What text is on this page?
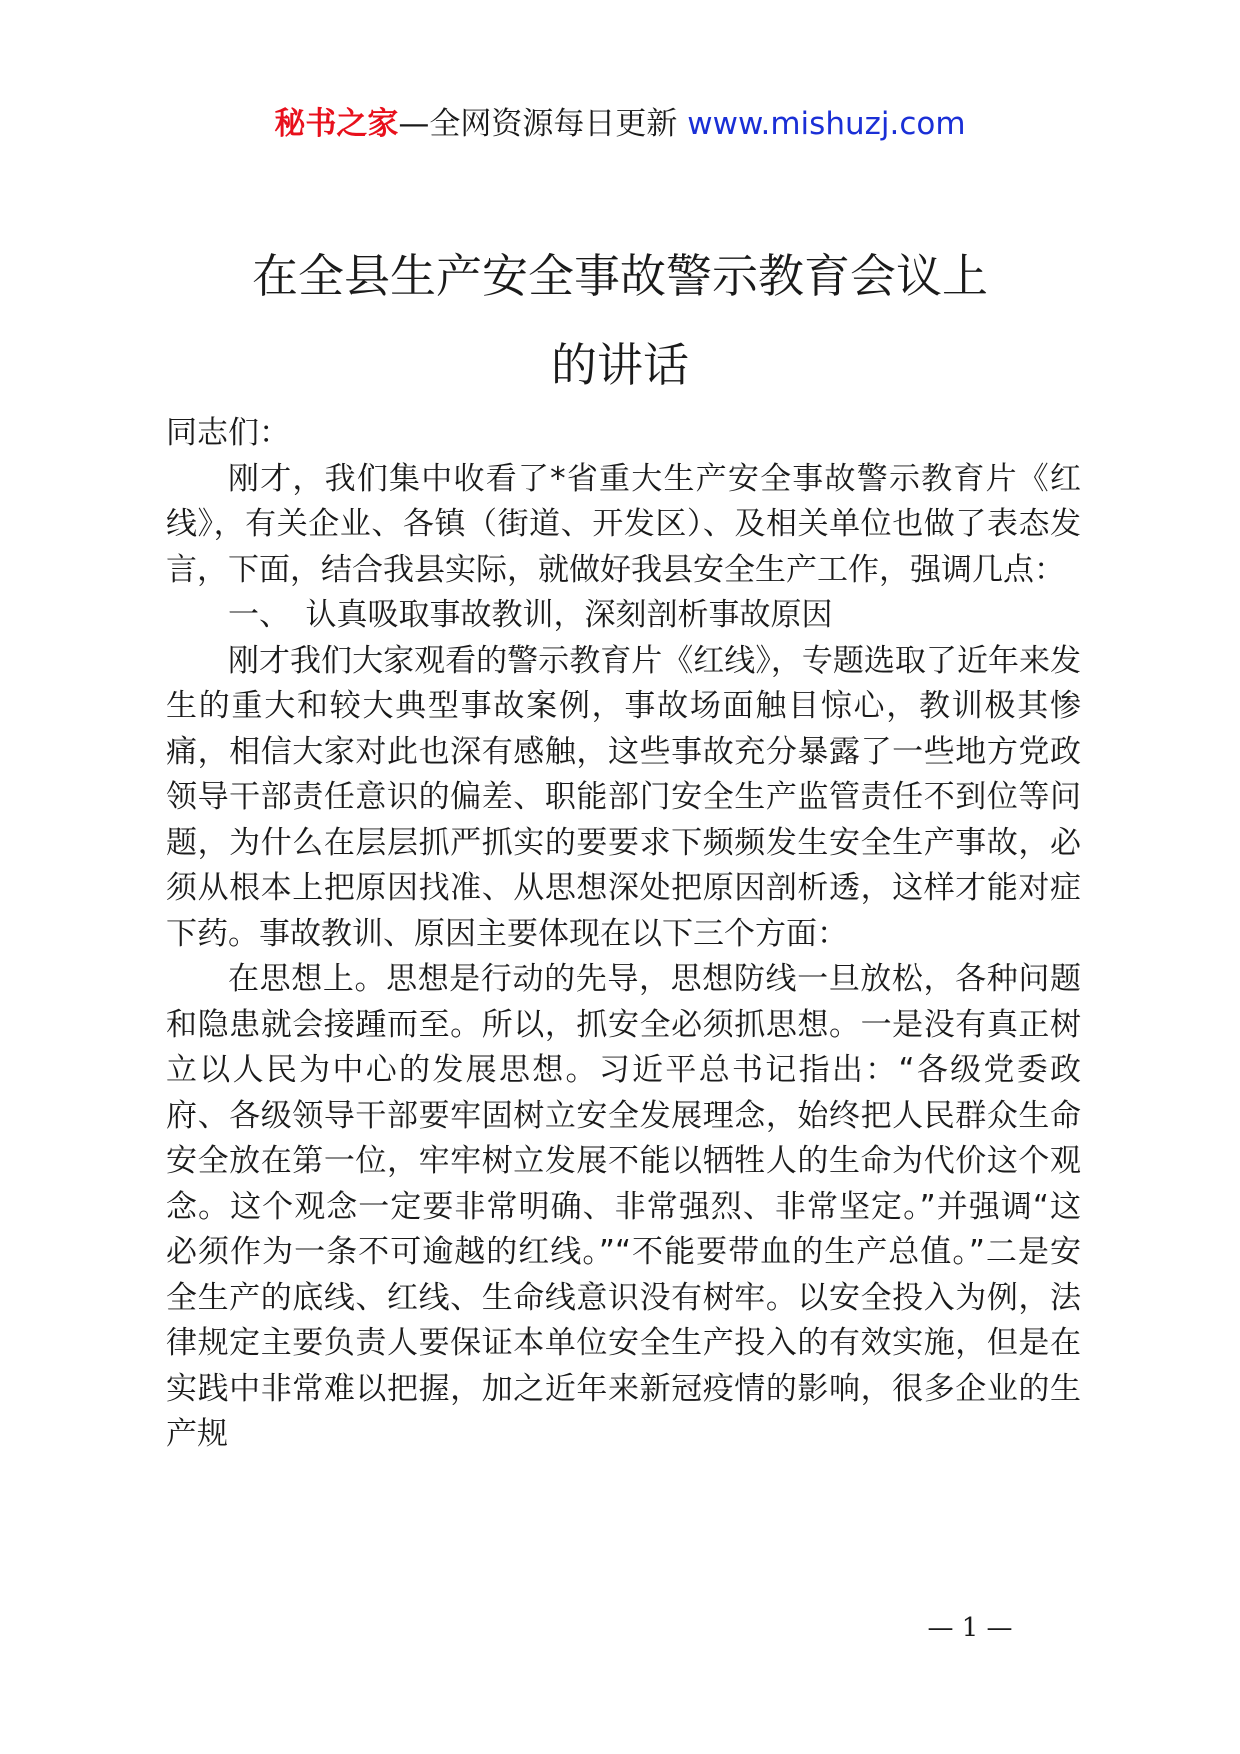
秘书之家—全网资源每日更新 www.mishuzj.com
在全县生产安全事故警示教育会议上
的讲话

同志们：

刚才，我们集中收看了*省重大生产安全事故警示教育片《红线》，有关企业、各镇（街道、开发区）、及相关单位也做了表态发言，下面，结合我县实际，就做好我县安全生产工作，强调几点：

一、　认真吸取事故教训，深刻剖析事故原因

刚才我们大家观看的警示教育片《红线》，专题选取了近年来发生的重大和较大典型事故案例，事故场面触目惊心，教训极其惨痛，相信大家对此也深有感触，这些事故充分暴露了一些地方党政领导干部责任意识的偏差、职能部门安全生产监管责任不到位等问题，为什么在层层抓严抓实的要要求下频频发生安全生产事故，必须从根本上把原因找准、从思想深处把原因剖析透，这样才能对症下药。事故教训、原因主要体现在以下三个方面：

在思想上。思想是行动的先导，思想防线一旦放松，各种问题和隐患就会接踵而至。所以，抓安全必须抓思想。一是没有真正树立以人民为中心的发展思想。习近平总书记指出：“各级党委政府、各级领导干部要牢固树立安全发展理念，始终把人民群众生命安全放在第一位，牢牢树立发展不能以牺牲人的生命为代价这个观念。这个观念一定要非常明确、非常强烈、非常坚定。”并强调“这必须作为一条不可逾越的红线。”“不能要带血的生产总值。”二是安全生产的底线、红线、生命线意识没有树牢。以安全投入为例，法律规定主要负责人要保证本单位安全生产投入的有效实施，但是在实践中非常难以把握，加之近年来新冠疫情的影响，很多企业的生产规

— 1 —
